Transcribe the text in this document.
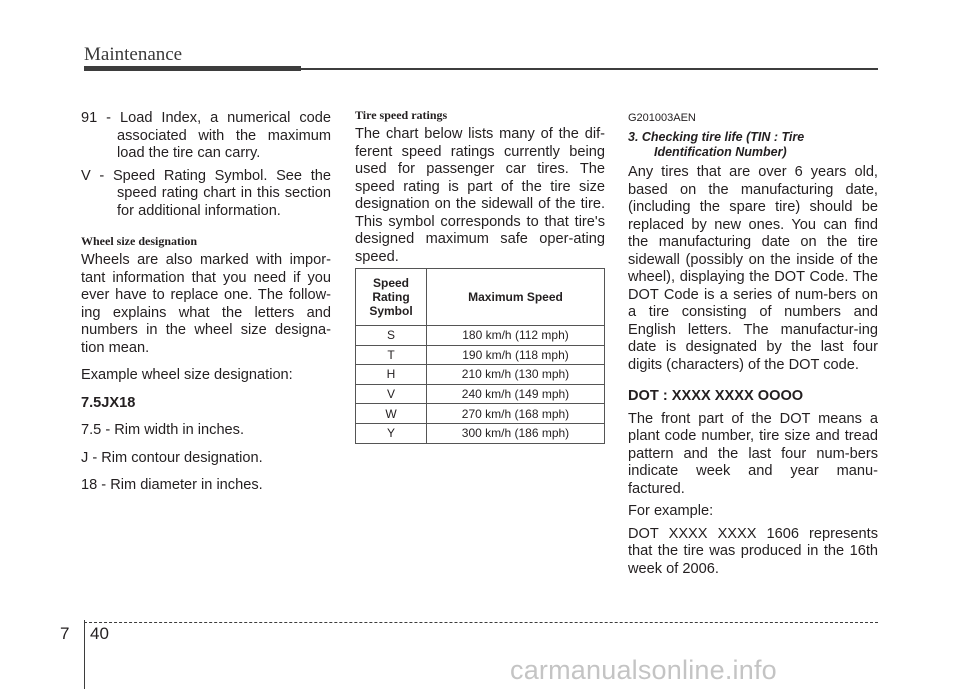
Maintenance

91 - Load Index, a numerical code associated with the maximum load the tire can carry.

V - Speed Rating Symbol. See the speed rating chart in this section for additional information.

Wheel size designation

Wheels are also marked with impor-tant information that you need if you ever have to replace one. The follow-ing explains what the letters and numbers in the wheel size designa-tion mean.

Example wheel size designation:

7.5JX18

7.5 - Rim width in inches.

J - Rim contour designation.

18 - Rim diameter in inches.

Tire speed ratings

The chart below lists many of the dif-ferent speed ratings currently being used for passenger car tires. The speed rating is part of the tire size designation on the sidewall of the tire. This symbol corresponds to that tire's designed maximum safe oper-ating speed.

Speed Rating Symbol	Maximum Speed
S	180 km/h (112 mph)
T	190 km/h (118 mph)
H	210 km/h (130 mph)
V	240 km/h (149 mph)
W	270 km/h (168 mph)
Y	300 km/h (186 mph)

G201003AEN

3. Checking tire life (TIN : Tire

Identification Number)

Any tires that are over 6 years old, based on the manufacturing date, (including the spare tire) should be replaced by new ones. You can find the manufacturing date on the tire sidewall (possibly on the inside of the wheel), displaying the DOT Code. The DOT Code is a series of num-bers on a tire consisting of numbers and English letters. The manufactur-ing date is designated by the last four digits (characters) of the DOT code.

DOT : XXXX XXXX OOOO

The front part of the DOT means a plant code number, tire size and tread pattern and the last four num-bers indicate week and year manu-factured.

For example:

DOT XXXX XXXX 1606 represents that the tire was produced in the 16th week of 2006.

7 40
carmanualsonline.info
